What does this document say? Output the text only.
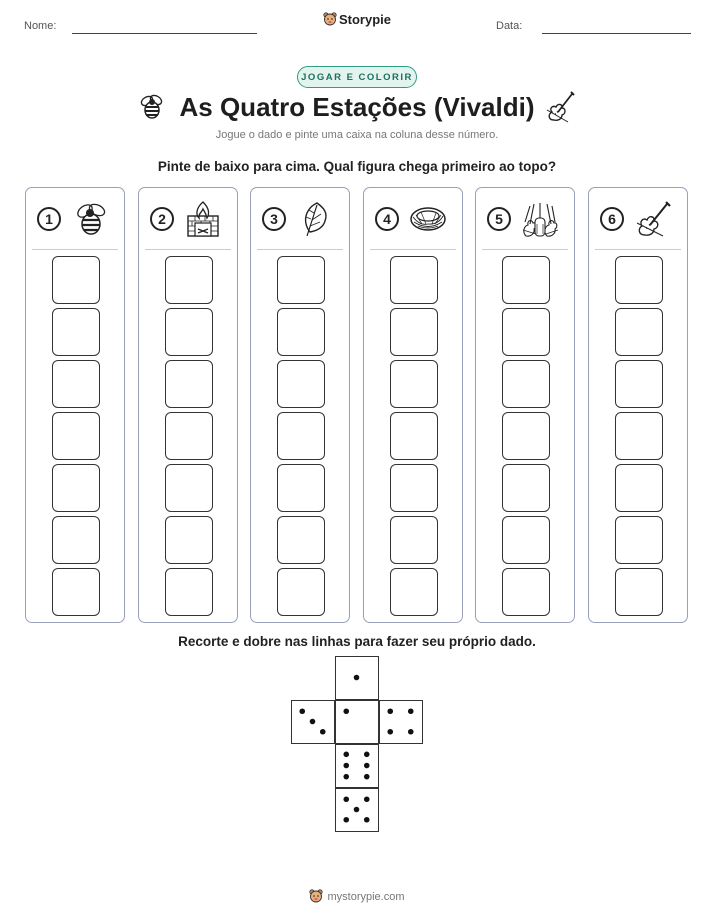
Nome:	Storypie	Data:
JOGAR E COLORIR
As Quatro Estações (Vivaldi)
Jogue o dado e pinte uma caixa na coluna desse número.
Pinte de baixo para cima. Qual figura chega primeiro ao topo?
1	2	3	4	5	6
Recorte e dobre nas linhas para fazer seu próprio dado.
mystorypie.com
